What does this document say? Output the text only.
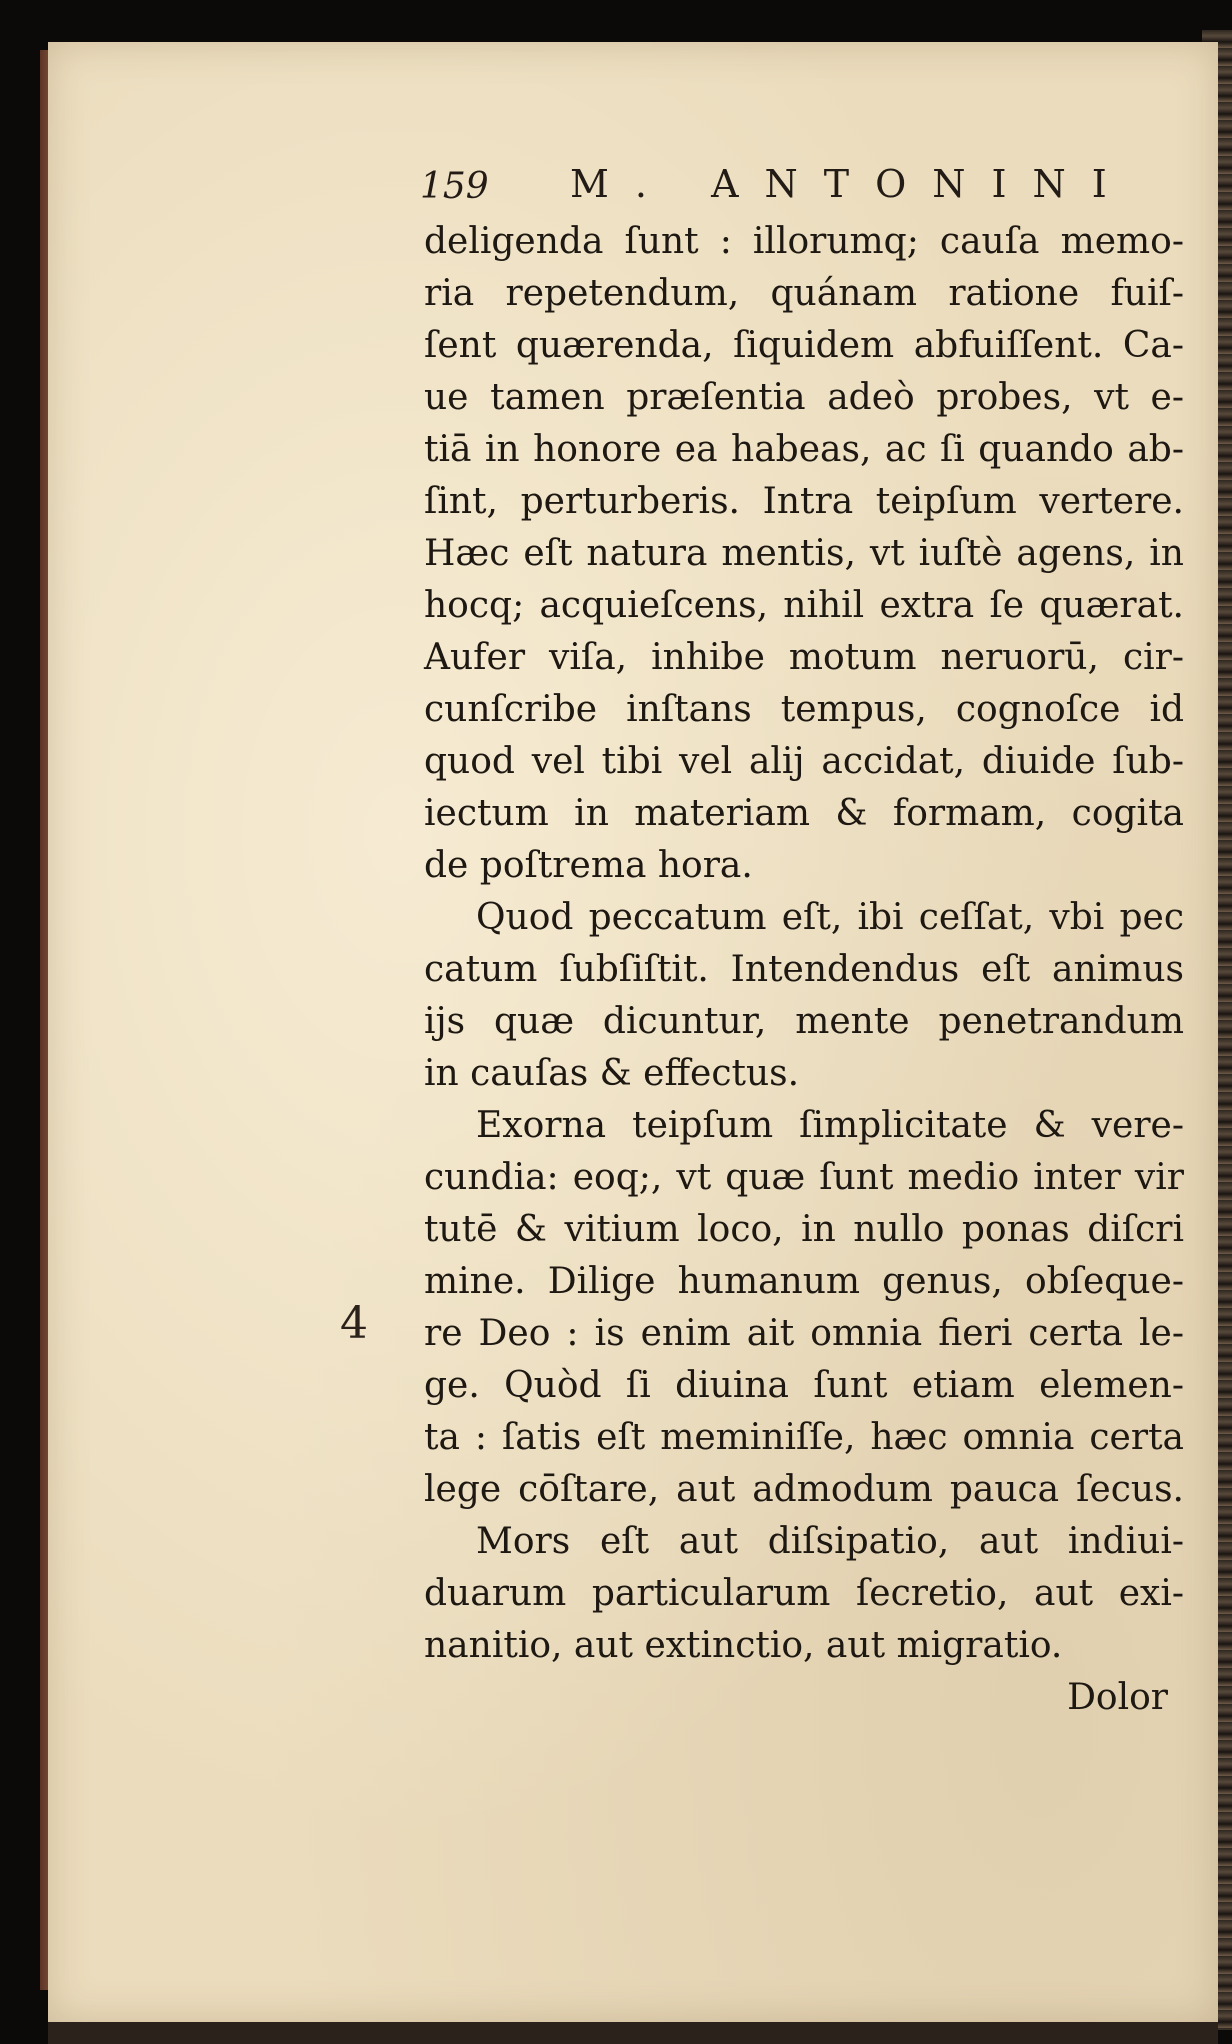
159 M. ANTONINI
4
deligenda ſunt : illorumq; cauſa memo-
ria repetendum, quánam ratione fuiſ-
ſent quærenda, ſiquidem abfuiſſent. Ca-
ue tamen præſentia adeò probes, vt e-
tiā in honore ea habeas, ac ſi quando ab-
ſint, perturberis. Intra teipſum vertere.
Hæc eſt natura mentis, vt iuſtè agens, in
hocq; acquieſcens, nihil extra ſe quærat.
Aufer viſa, inhibe motum neruorū, cir-
cunſcribe inſtans tempus, cognoſce id
quod vel tibi vel alij accidat, diuide ſub-
iectum in materiam & formam, cogita
de poſtrema hora.
Quod peccatum eſt, ibi ceſſat, vbi pec
catum ſubſiſtit. Intendendus eſt animus
ijs quæ dicuntur, mente penetrandum
in cauſas & effectus.
Exorna teipſum ſimplicitate & vere-
cundia: eoq;, vt quæ ſunt medio inter vir
tutē & vitium loco, in nullo ponas diſcri
mine. Dilige humanum genus, obſeque-
re Deo : is enim ait omnia fieri certa le-
ge. Quòd ſi diuina ſunt etiam elemen-
ta : ſatis eſt meminiſſe, hæc omnia certa
lege cōſtare, aut admodum pauca ſecus.
Mors eſt aut diſsipatio, aut indiui-
duarum particularum ſecretio, aut exi-
nanitio, aut extinctio, aut migratio.
Dolor
